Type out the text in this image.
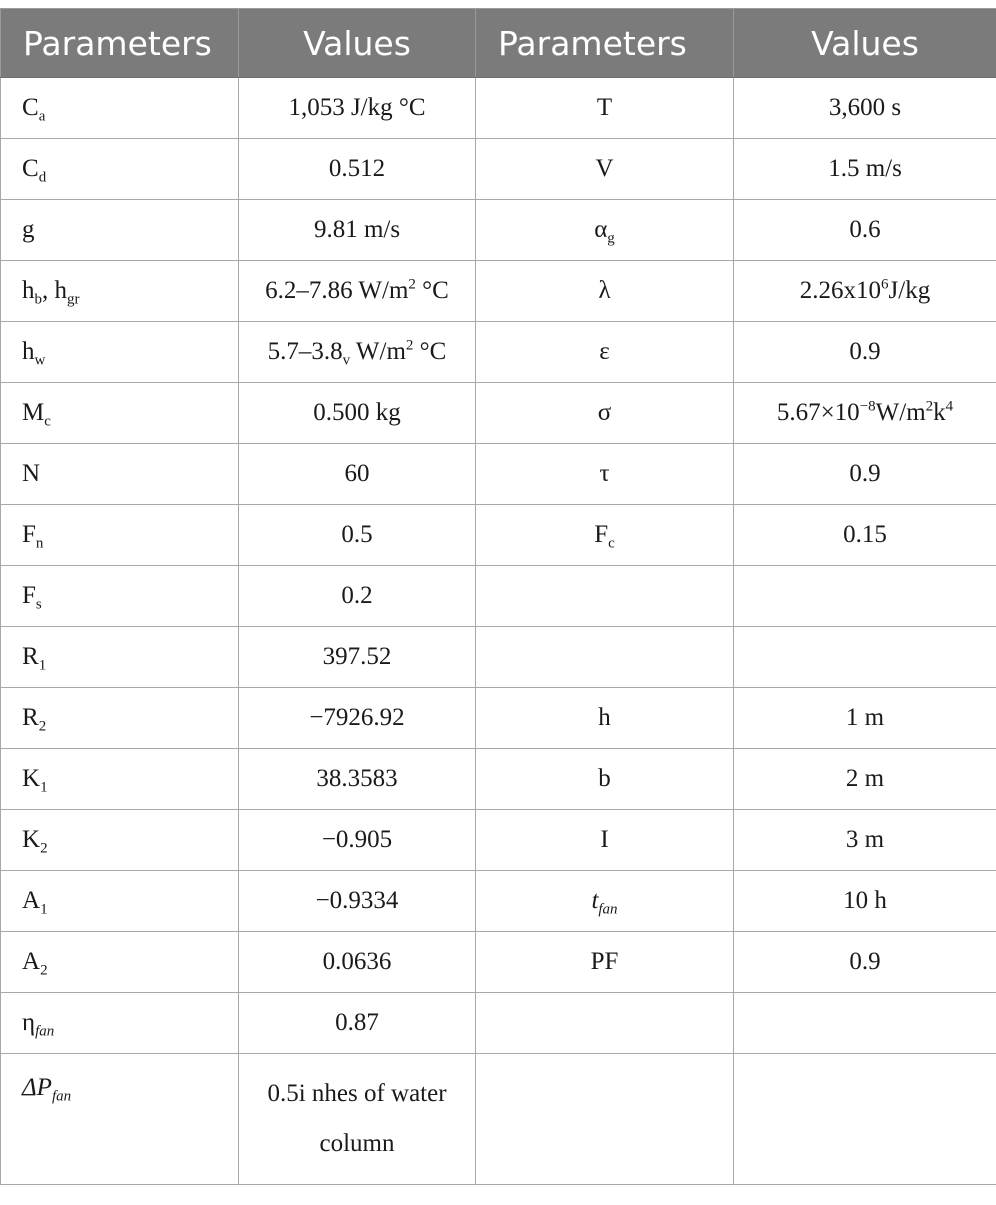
Parameters	Values	Parameters	Values
$C_a$	1,053 J/kg °C	T	3,600 s
$C_d$	0.512	V	1.5 m/s
g	9.81 m/s	$\alpha_g$	0.6
$h_b$, $h_{gr}$	6.2–7.86 $W/m^2$ °C	λ	$2.26x10^6J/kg$
$h_w$	$5.7-3.8_v$ $W/m^2$ °C	ε	0.9
$M_c$	0.500 kg	σ	$5.67\times 10^{-8}W/m^2k^4$
N	60	τ	0.9
$F_n$	0.5	$F_c$	0.15
$F_s$	0.2		
$R_1$	397.52		
$R_2$	−7926.92	h	1 m
$K_1$	38.3583	b	2 m
$K_2$	−0.905	I	3 m
$A_1$	−0.9334	$t_{fan}$	10 h
$A_2$	0.0636	PF	0.9
$\eta_{fan}$	0.87		
$\Delta P_{fan}$	0.5i nhes of water
column		
